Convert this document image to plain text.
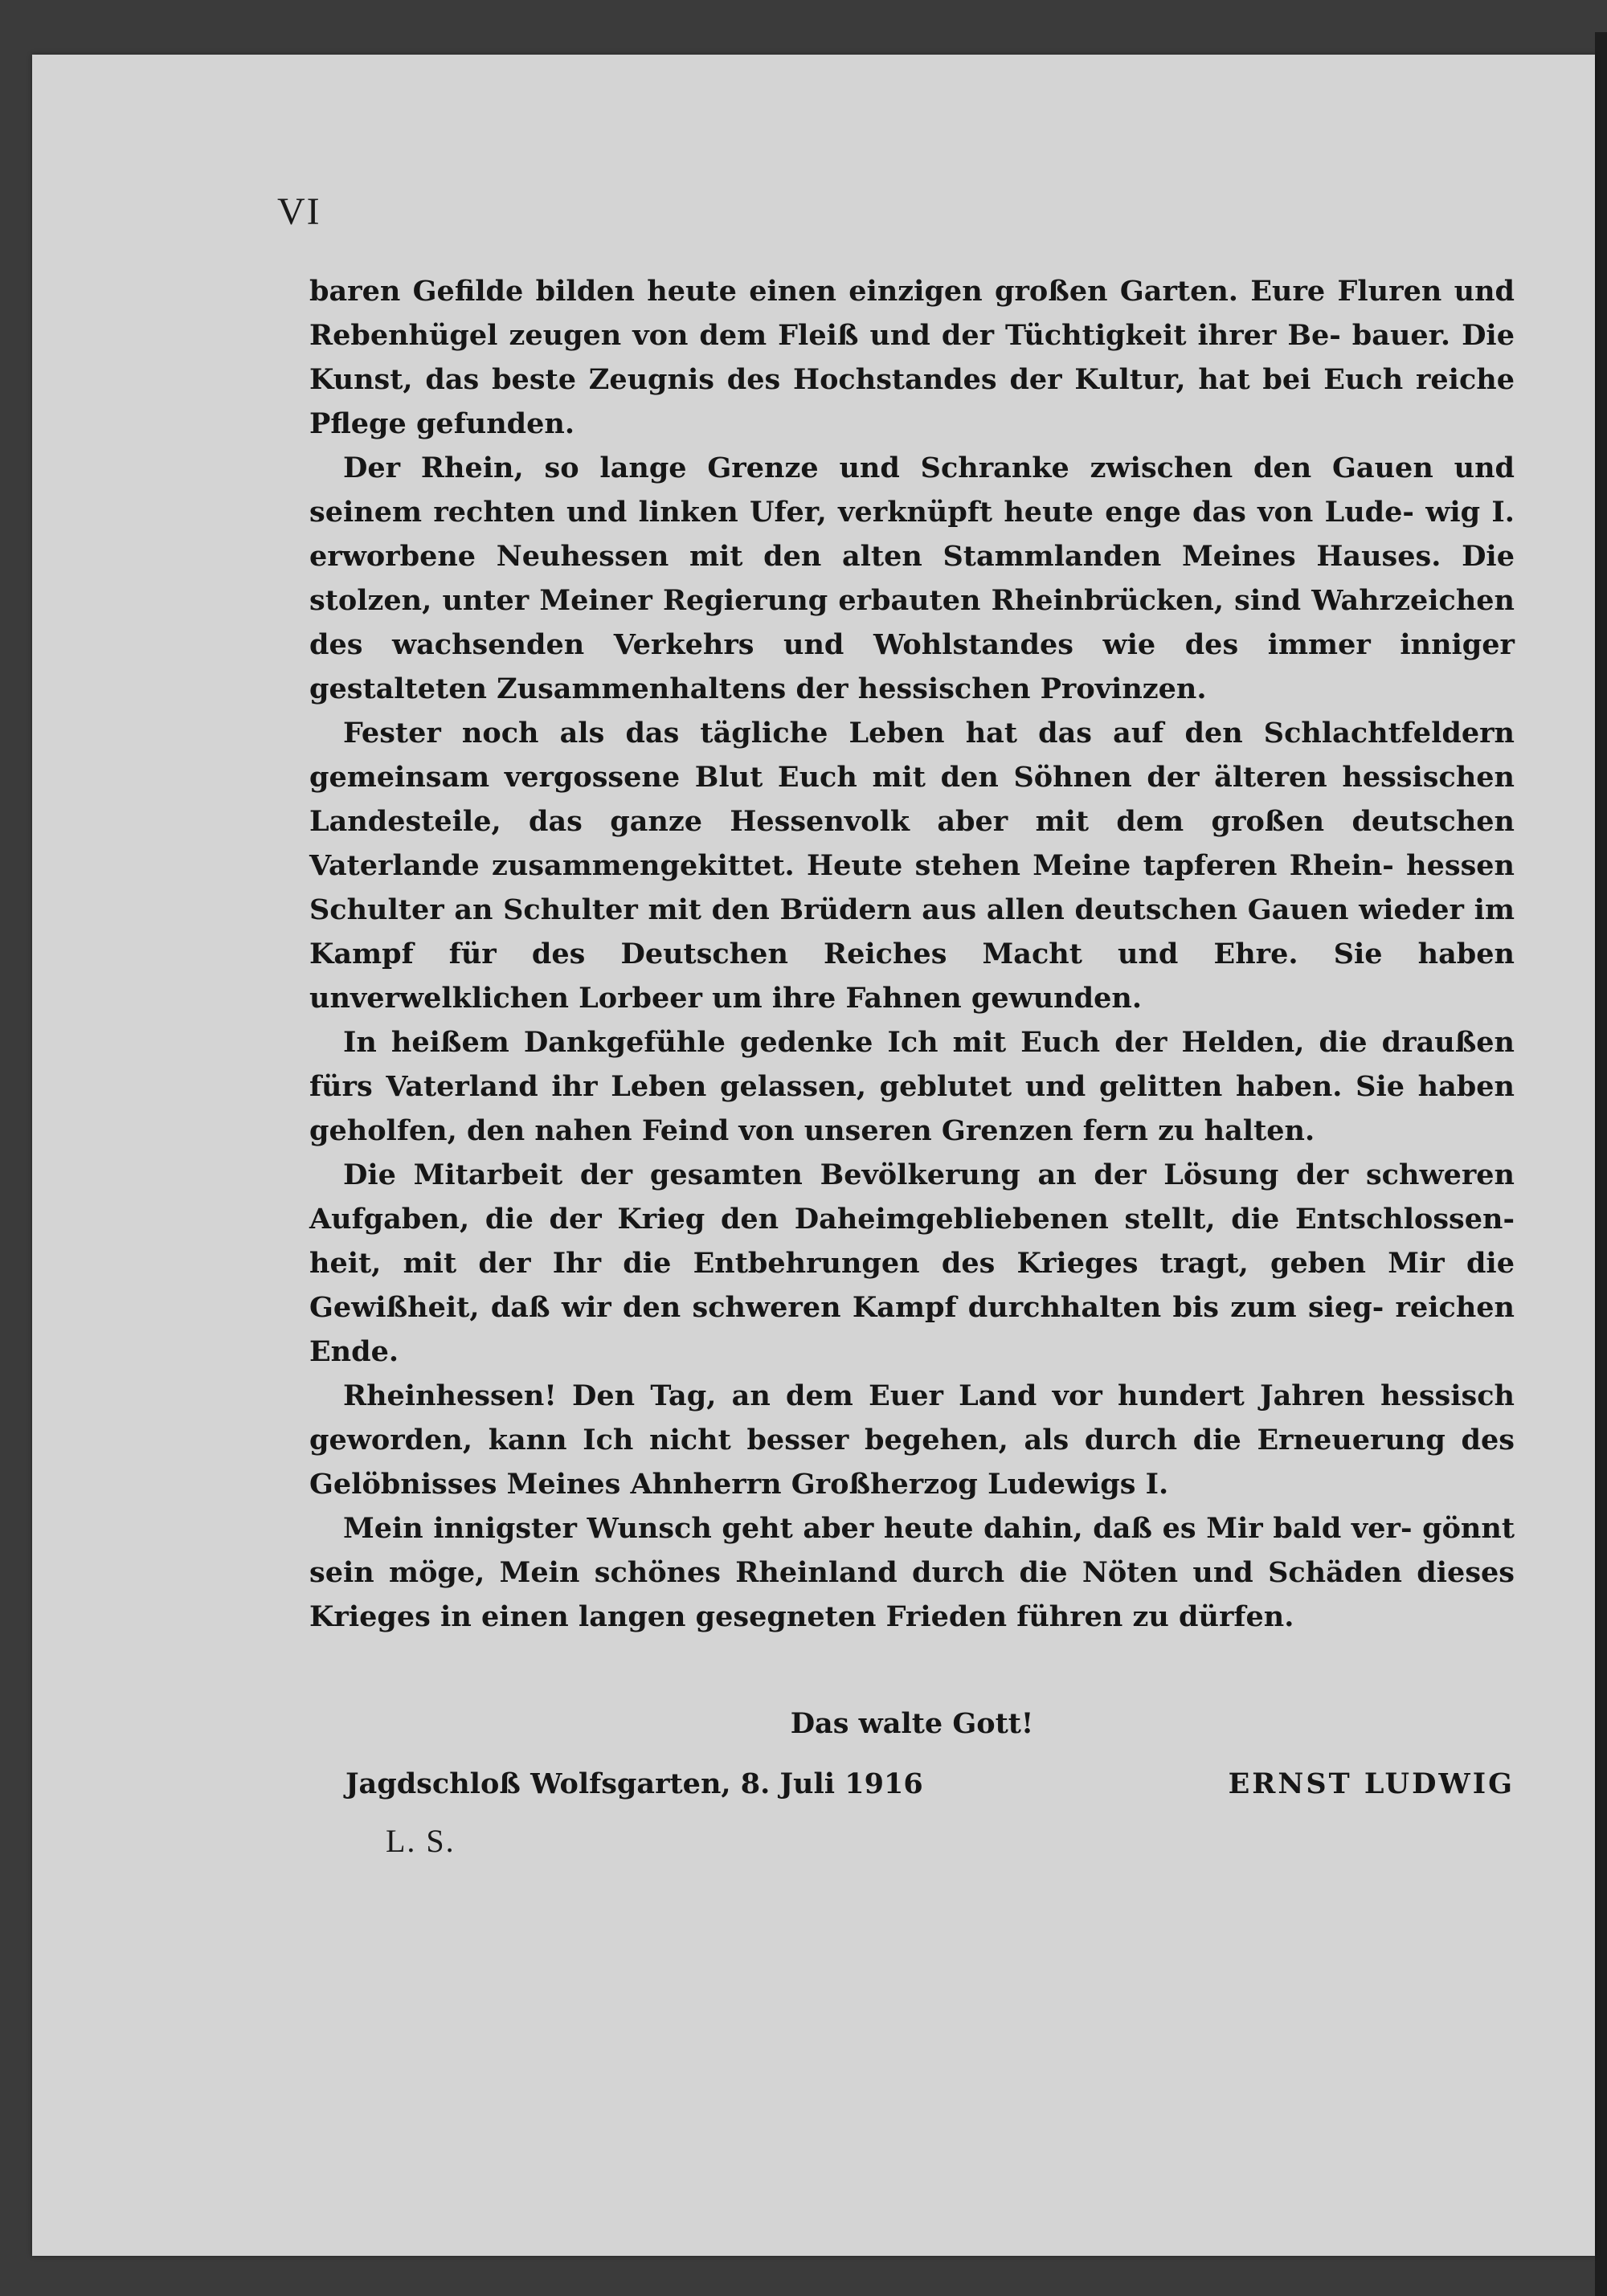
VI

baren Gefilde bilden heute einen einzigen großen Garten. Eure Fluren und Rebenhügel zeugen von dem Fleiß und der Tüchtigkeit ihrer Be- bauer. Die Kunst, das beste Zeugnis des Hochstandes der Kultur, hat bei Euch reiche Pflege gefunden.

Der Rhein, so lange Grenze und Schranke zwischen den Gauen und seinem rechten und linken Ufer, verknüpft heute enge das von Lude- wig I. erworbene Neuhessen mit den alten Stammlanden Meines Hauses. Die stolzen, unter Meiner Regierung erbauten Rheinbrücken, sind Wahrzeichen des wachsenden Verkehrs und Wohlstandes wie des immer inniger gestalteten Zusammenhaltens der hessischen Provinzen.

Fester noch als das tägliche Leben hat das auf den Schlachtfeldern gemeinsam vergossene Blut Euch mit den Söhnen der älteren hessischen Landesteile, das ganze Hessenvolk aber mit dem großen deutschen Vaterlande zusammengekittet. Heute stehen Meine tapferen Rhein- hessen Schulter an Schulter mit den Brüdern aus allen deutschen Gauen wieder im Kampf für des Deutschen Reiches Macht und Ehre. Sie haben unverwelklichen Lorbeer um ihre Fahnen gewunden.

In heißem Dankgefühle gedenke Ich mit Euch der Helden, die draußen fürs Vaterland ihr Leben gelassen, geblutet und gelitten haben. Sie haben geholfen, den nahen Feind von unseren Grenzen fern zu halten.

Die Mitarbeit der gesamten Bevölkerung an der Lösung der schweren Aufgaben, die der Krieg den Daheimgebliebenen stellt, die Entschlossen- heit, mit der Ihr die Entbehrungen des Krieges tragt, geben Mir die Gewißheit, daß wir den schweren Kampf durchhalten bis zum sieg- reichen Ende.

Rheinhessen! Den Tag, an dem Euer Land vor hundert Jahren hessisch geworden, kann Ich nicht besser begehen, als durch die Erneuerung des Gelöbnisses Meines Ahnherrn Großherzog Ludewigs I.

Mein innigster Wunsch geht aber heute dahin, daß es Mir bald ver- gönnt sein möge, Mein schönes Rheinland durch die Nöten und Schäden dieses Krieges in einen langen gesegneten Frieden führen zu dürfen.

Das walte Gott!
Jagdschloß Wolfsgarten, 8. Juli 1916	ERNST LUDWIG
L. S.
